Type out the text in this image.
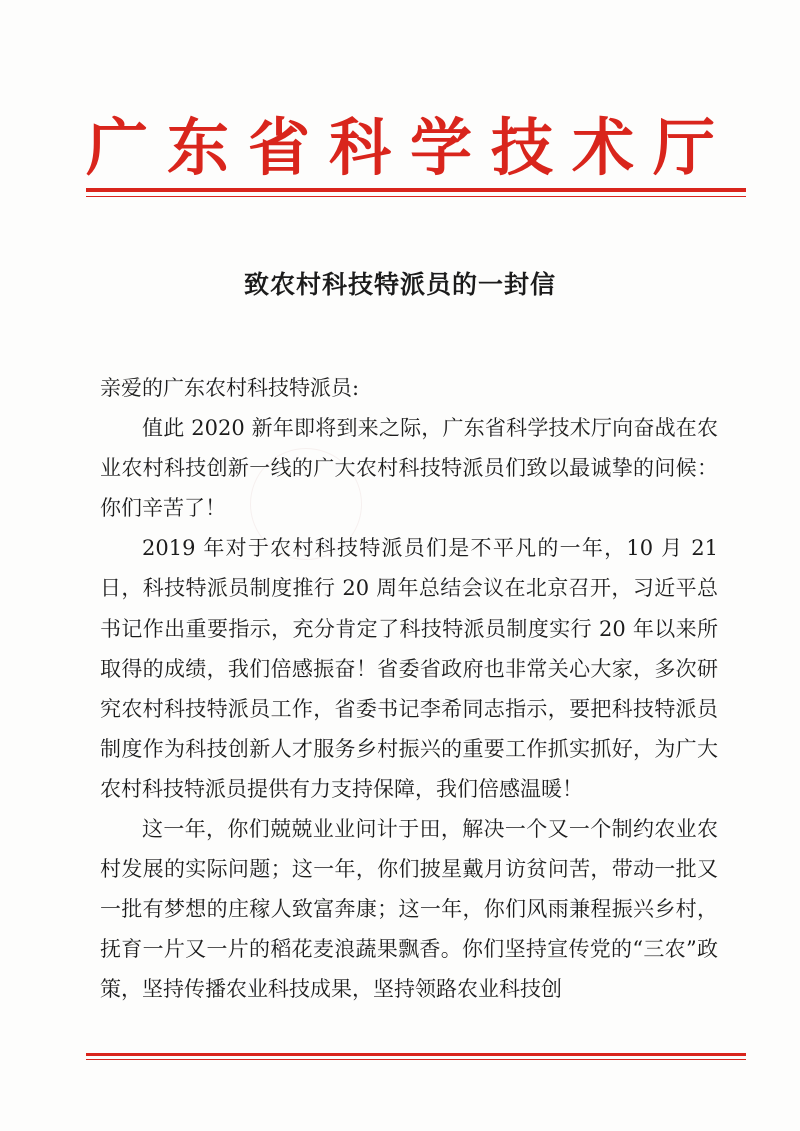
广东省科学技术厅
致农村科技特派员的一封信

亲爱的广东农村科技特派员:

值此 2020 新年即将到来之际，广东省科学技术厅向奋战在农业农村科技创新一线的广大农村科技特派员们致以最诚挚的问候：你们辛苦了！

2019 年对于农村科技特派员们是不平凡的一年，10 月 21 日，科技特派员制度推行 20 周年总结会议在北京召开，习近平总书记作出重要指示，充分肯定了科技特派员制度实行 20 年以来所取得的成绩，我们倍感振奋！省委省政府也非常关心大家，多次研究农村科技特派员工作，省委书记李希同志指示，要把科技特派员制度作为科技创新人才服务乡村振兴的重要工作抓实抓好，为广大农村科技特派员提供有力支持保障，我们倍感温暖！

这一年，你们兢兢业业问计于田，解决一个又一个制约农业农村发展的实际问题；这一年，你们披星戴月访贫问苦，带动一批又一批有梦想的庄稼人致富奔康；这一年，你们风雨兼程振兴乡村，抚育一片又一片的稻花麦浪蔬果飘香。你们坚持宣传党的“三农”政策，坚持传播农业科技成果，坚持领路农业科技创
